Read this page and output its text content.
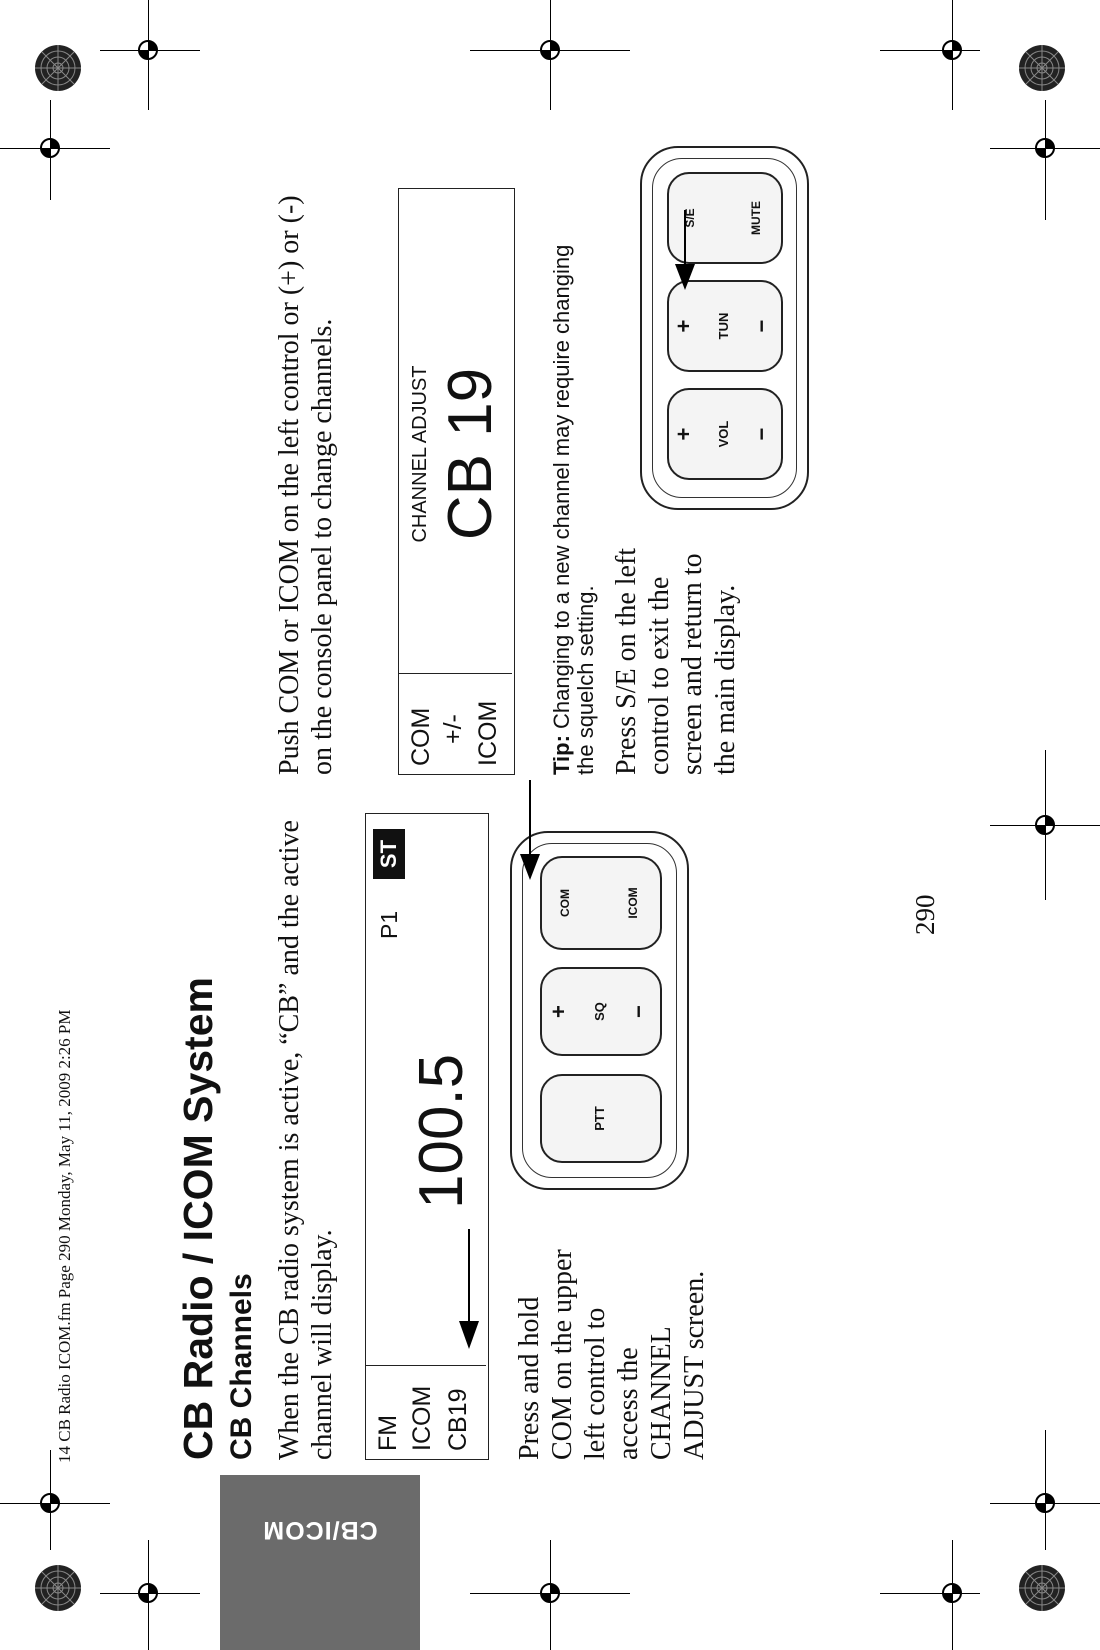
CB/ICOM
14 CB Radio ICOM.fm Page 290 Monday, May 11, 2009 2:26 PM CB Radio / ICOM System CB Channels When the CB radio system is active, “CB” and the active channel will display. FM ICOM CB19
100.5
P1
ST
Press and hold COM on the upper left control to access the CHANNEL ADJUST screen.
PTT
+ SQ −
COM	ICOM
Push COM or ICOM on the left control or (+) or (-) on the console panel to change channels.	COM +/- ICOM
CHANNEL ADJUST CB 19
Tip: Changing to a new channel may require changing the squelch setting. Press S/E on the left control to exit the screen and return to the main display.
+ VOL −
+ TUN −
S/E	MUTE
290
